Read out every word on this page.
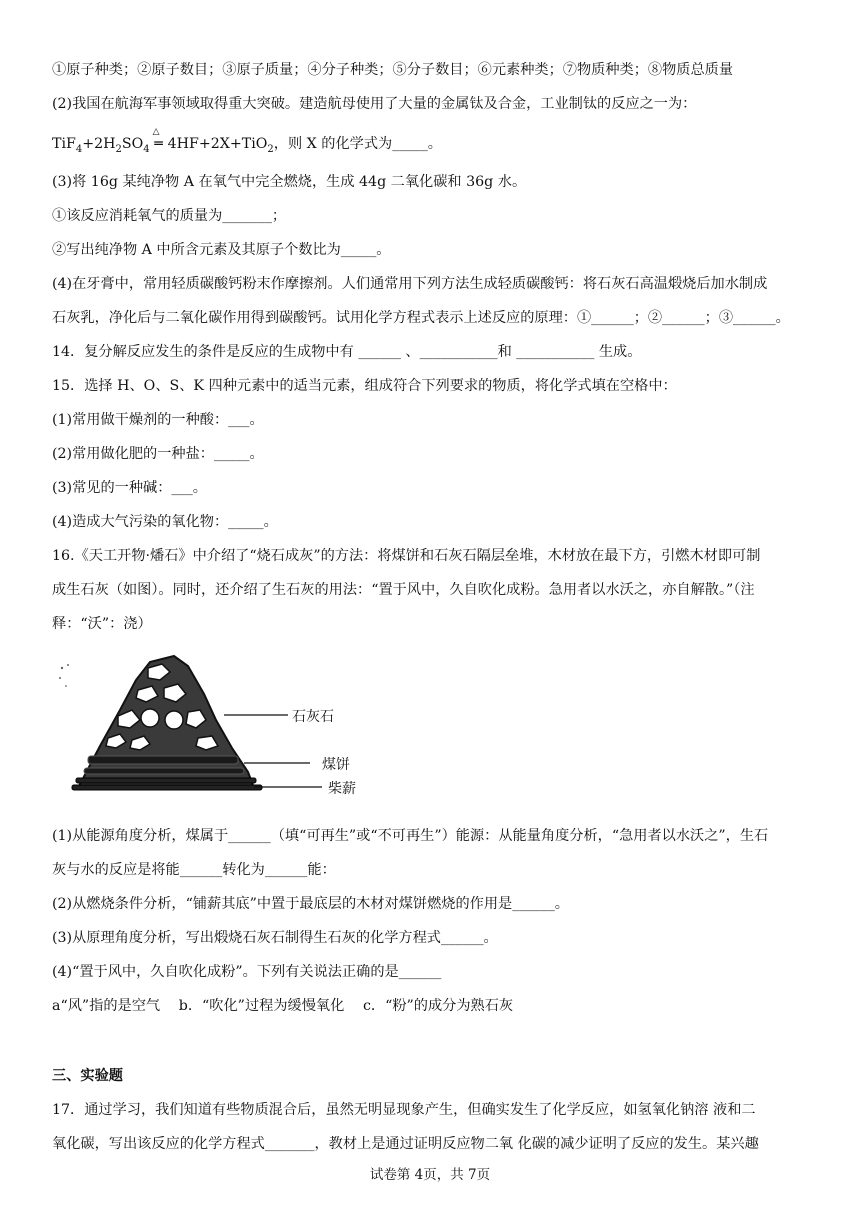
①原子种类；②原子数目；③原子质量；④分子种类；⑤分子数目；⑥元素种类；⑦物质种类；⑧物质总质量
(2)我国在航海军事领域取得重大突破。建造航母使用了大量的金属钛及合金，工业制钛的反应之一为：
$TiF_4+2H_2SO_4$
△
═ 4HF+2X+TiO$_2$，则 X 的化学式为_____。
(3)将 16g 某纯净物 A 在氧气中完全燃烧，生成 44g 二氧化碳和 36g 水。
①该反应消耗氧气的质量为_______；
②写出纯净物 A 中所含元素及其原子个数比为_____。
(4)在牙膏中，常用轻质碳酸钙粉末作摩擦剂。人们通常用下列方法生成轻质碳酸钙：将石灰石高温煅烧后加水制成
石灰乳，净化后与二氧化碳作用得到碳酸钙。试用化学方程式表示上述反应的原理：①______；②______；③______。
14．复分解反应发生的条件是反应的生成物中有 ______ 、___________和 ___________ 生成。
15．选择 H、O、S、K 四种元素中的适当元素，组成符合下列要求的物质，将化学式填在空格中：
(1)常用做干燥剂的一种酸：___。
(2)常用做化肥的一种盐：_____。
(3)常见的一种碱：___。
(4)造成大气污染的氧化物：_____。
16.《天工开物·燔石》中介绍了“烧石成灰”的方法：将煤饼和石灰石隔层垒堆，木材放在最下方，引燃木材即可制
成生石灰（如图）。同时，还介绍了生石灰的用法：“置于风中，久自吹化成粉。急用者以水沃之，亦自解散。”（注
释：“沃”：浇）
石灰石
煤饼
柴薪
(1)从能源角度分析，煤属于______（填“可再生”或“不可再生”）能源：从能量角度分析，“急用者以水沃之”，生石
灰与水的反应是将能______转化为______能：
(2)从燃烧条件分析，“铺薪其底”中置于最底层的木材对煤饼燃烧的作用是______。
(3)从原理角度分析，写出煅烧石灰石制得生石灰的化学方程式______。
(4)“置于风中，久自吹化成粉”。下列有关说法正确的是______
a“风”指的是空气　 b．“吹化”过程为缓慢氧化　 c．“粉”的成分为熟石灰
三、实验题
17．通过学习，我们知道有些物质混合后，虽然无明显现象产生，但确实发生了化学反应，如氢氧化钠溶 液和二
氧化碳，写出该反应的化学方程式_______，教材上是通过证明反应物二氧 化碳的减少证明了反应的发生。某兴趣
试卷第 4页，共 7页
